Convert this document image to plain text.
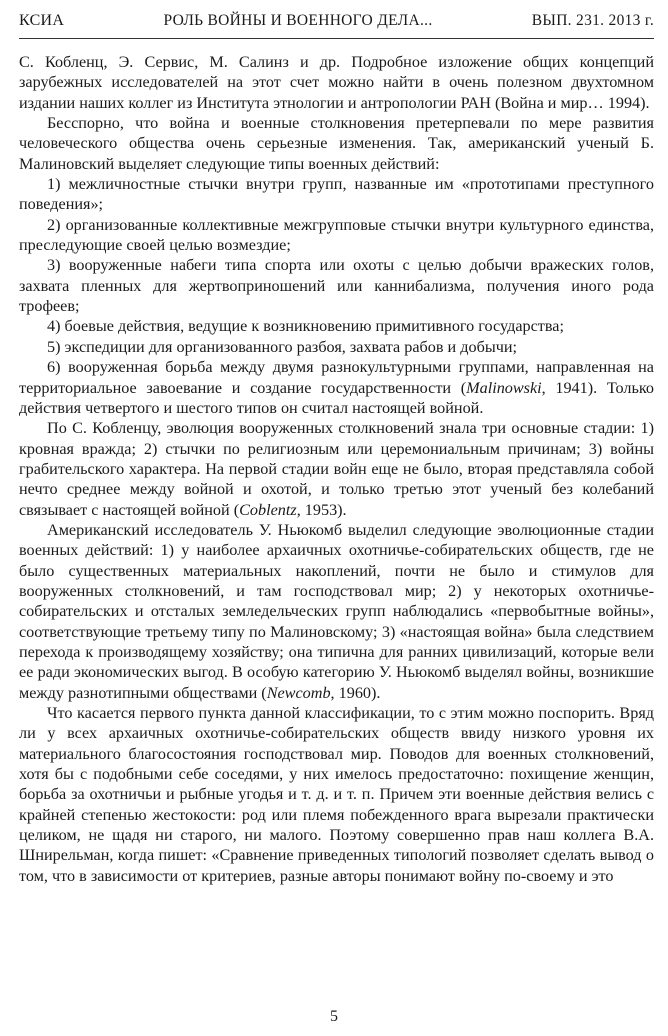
КСИА	РОЛЬ ВОЙНЫ И ВОЕННОГО ДЕЛА...	ВЫП. 231. 2013 г.

С. Кобленц, Э. Сервис, М. Салинз и др. Подробное изложение общих концепций зарубежных исследователей на этот счет можно найти в очень полезном двухтомном издании наших коллег из Института этнологии и антропологии РАН (Война и мир… 1994).

Бесспорно, что война и военные столкновения претерпевали по мере развития человеческого общества очень серьезные изменения. Так, американский ученый Б. Малиновский выделяет следующие типы военных действий:

1) межличностные стычки внутри групп, названные им «прототипами преступного поведения»;

2) организованные коллективные межгрупповые стычки внутри культурного единства, преследующие своей целью возмездие;

3) вооруженные набеги типа спорта или охоты с целью добычи вражеских голов, захвата пленных для жертвоприношений или каннибализма, получения иного рода трофеев;

4) боевые действия, ведущие к возникновению примитивного государства;

5) экспедиции для организованного разбоя, захвата рабов и добычи;

6) вооруженная борьба между двумя разнокультурными группами, направленная на территориальное завоевание и создание государственности (Malinowski, 1941). Только действия четвертого и шестого типов он считал настоящей войной.

По С. Кобленцу, эволюция вооруженных столкновений знала три основные стадии: 1) кровная вражда; 2) стычки по религиозным или церемониальным причинам; 3) войны грабительского характера. На первой стадии войн еще не было, вторая представляла собой нечто среднее между войной и охотой, и только третью этот ученый без колебаний связывает с настоящей войной (Coblentz, 1953).

Американский исследователь У. Ньюкомб выделил следующие эволюционные стадии военных действий: 1) у наиболее архаичных охотничье-собирательских обществ, где не было существенных материальных накоплений, почти не было и стимулов для вооруженных столкновений, и там господствовал мир; 2) у некоторых охотничье-собирательских и отсталых земледельческих групп наблюдались «первобытные войны», соответствующие третьему типу по Малиновскому; 3) «настоящая война» была следствием перехода к производящему хозяйству; она типична для ранних цивилизаций, которые вели ее ради экономических выгод. В особую категорию У. Ньюкомб выделял войны, возникшие между разнотипными обществами (Newcomb, 1960).

Что касается первого пункта данной классификации, то с этим можно поспорить. Вряд ли у всех архаичных охотничье-собирательских обществ ввиду низкого уровня их материального благосостояния господствовал мир. Поводов для военных столкновений, хотя бы с подобными себе соседями, у них имелось предостаточно: похищение женщин, борьба за охотничьи и рыбные угодья и т. д. и т. п. Причем эти военные действия велись с крайней степенью жестокости: род или племя побежденного врага вырезали практически целиком, не щадя ни старого, ни малого. Поэтому совершенно прав наш коллега В.А. Шнирельман, когда пишет: «Сравнение приведенных типологий позволяет сделать вывод о том, что в зависимости от критериев, разные авторы понимают войну по-своему и это

5
